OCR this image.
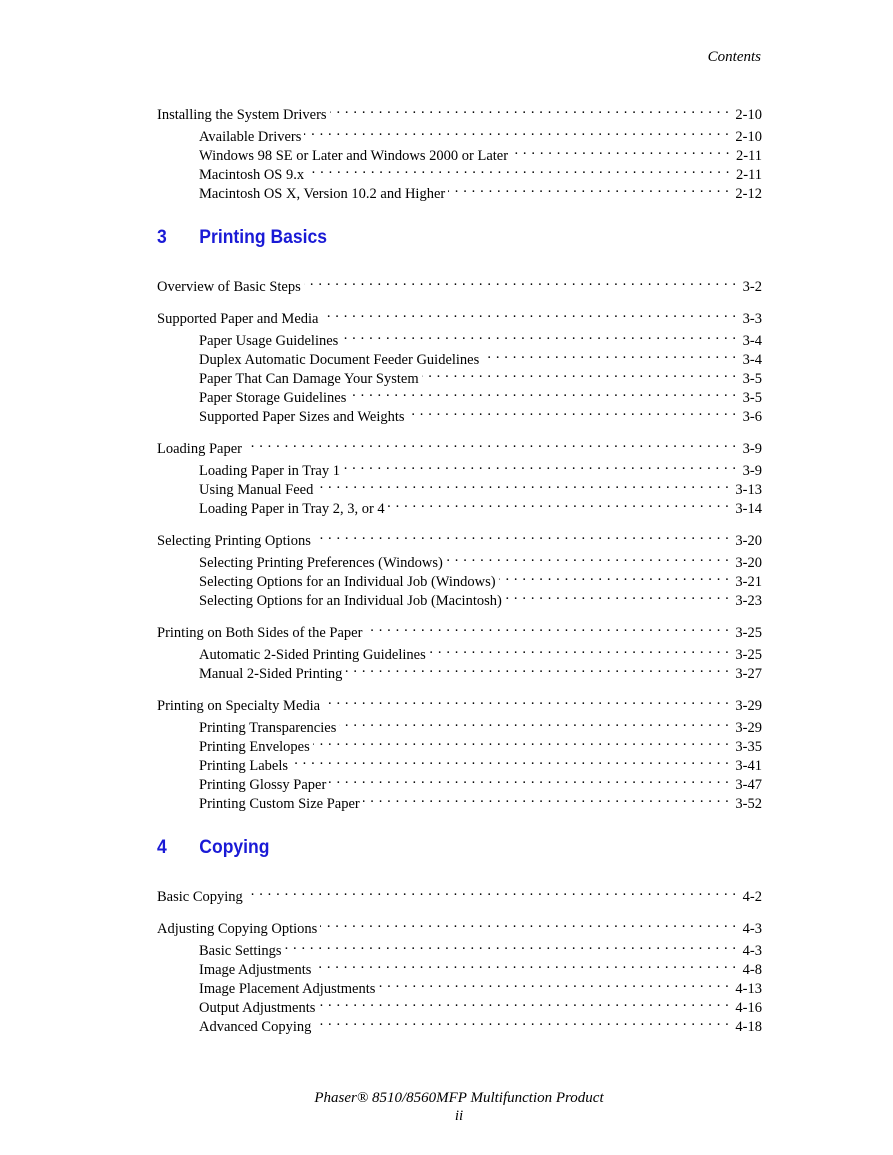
Contents
Installing the System Drivers . . .	2-10
Available Drivers . . .	2-10
Windows 98 SE or Later and Windows 2000 or Later . . .	2-11
Macintosh OS 9.x . . .	2-11
Macintosh OS X, Version 10.2 and Higher . . .	2-12
3	Printing Basics
Overview of Basic Steps . . .	3-2
Supported Paper and Media . . .	3-3
Paper Usage Guidelines . . .	3-4
Duplex Automatic Document Feeder Guidelines . . .	3-4
Paper That Can Damage Your System . . .	3-5
Paper Storage Guidelines . . .	3-5
Supported Paper Sizes and Weights . . .	3-6
Loading Paper . . .	3-9
Loading Paper in Tray 1 . . .	3-9
Using Manual Feed . . .	3-13
Loading Paper in Tray 2, 3, or 4 . . .	3-14
Selecting Printing Options . . .	3-20
Selecting Printing Preferences (Windows) . . .	3-20
Selecting Options for an Individual Job (Windows) . . .	3-21
Selecting Options for an Individual Job (Macintosh) . . .	3-23
Printing on Both Sides of the Paper . . .	3-25
Automatic 2-Sided Printing Guidelines . . .	3-25
Manual 2-Sided Printing . . .	3-27
Printing on Specialty Media . . .	3-29
Printing Transparencies . . .	3-29
Printing Envelopes . . .	3-35
Printing Labels . . .	3-41
Printing Glossy Paper . . .	3-47
Printing Custom Size Paper . . .	3-52
4	Copying
Basic Copying . . .	4-2
Adjusting Copying Options . . .	4-3
Basic Settings . . .	4-3
Image Adjustments . . .	4-8
Image Placement Adjustments . . .	4-13
Output Adjustments . . .	4-16
Advanced Copying . . .	4-18
Phaser® 8510/8560MFP Multifunction Product
ii
